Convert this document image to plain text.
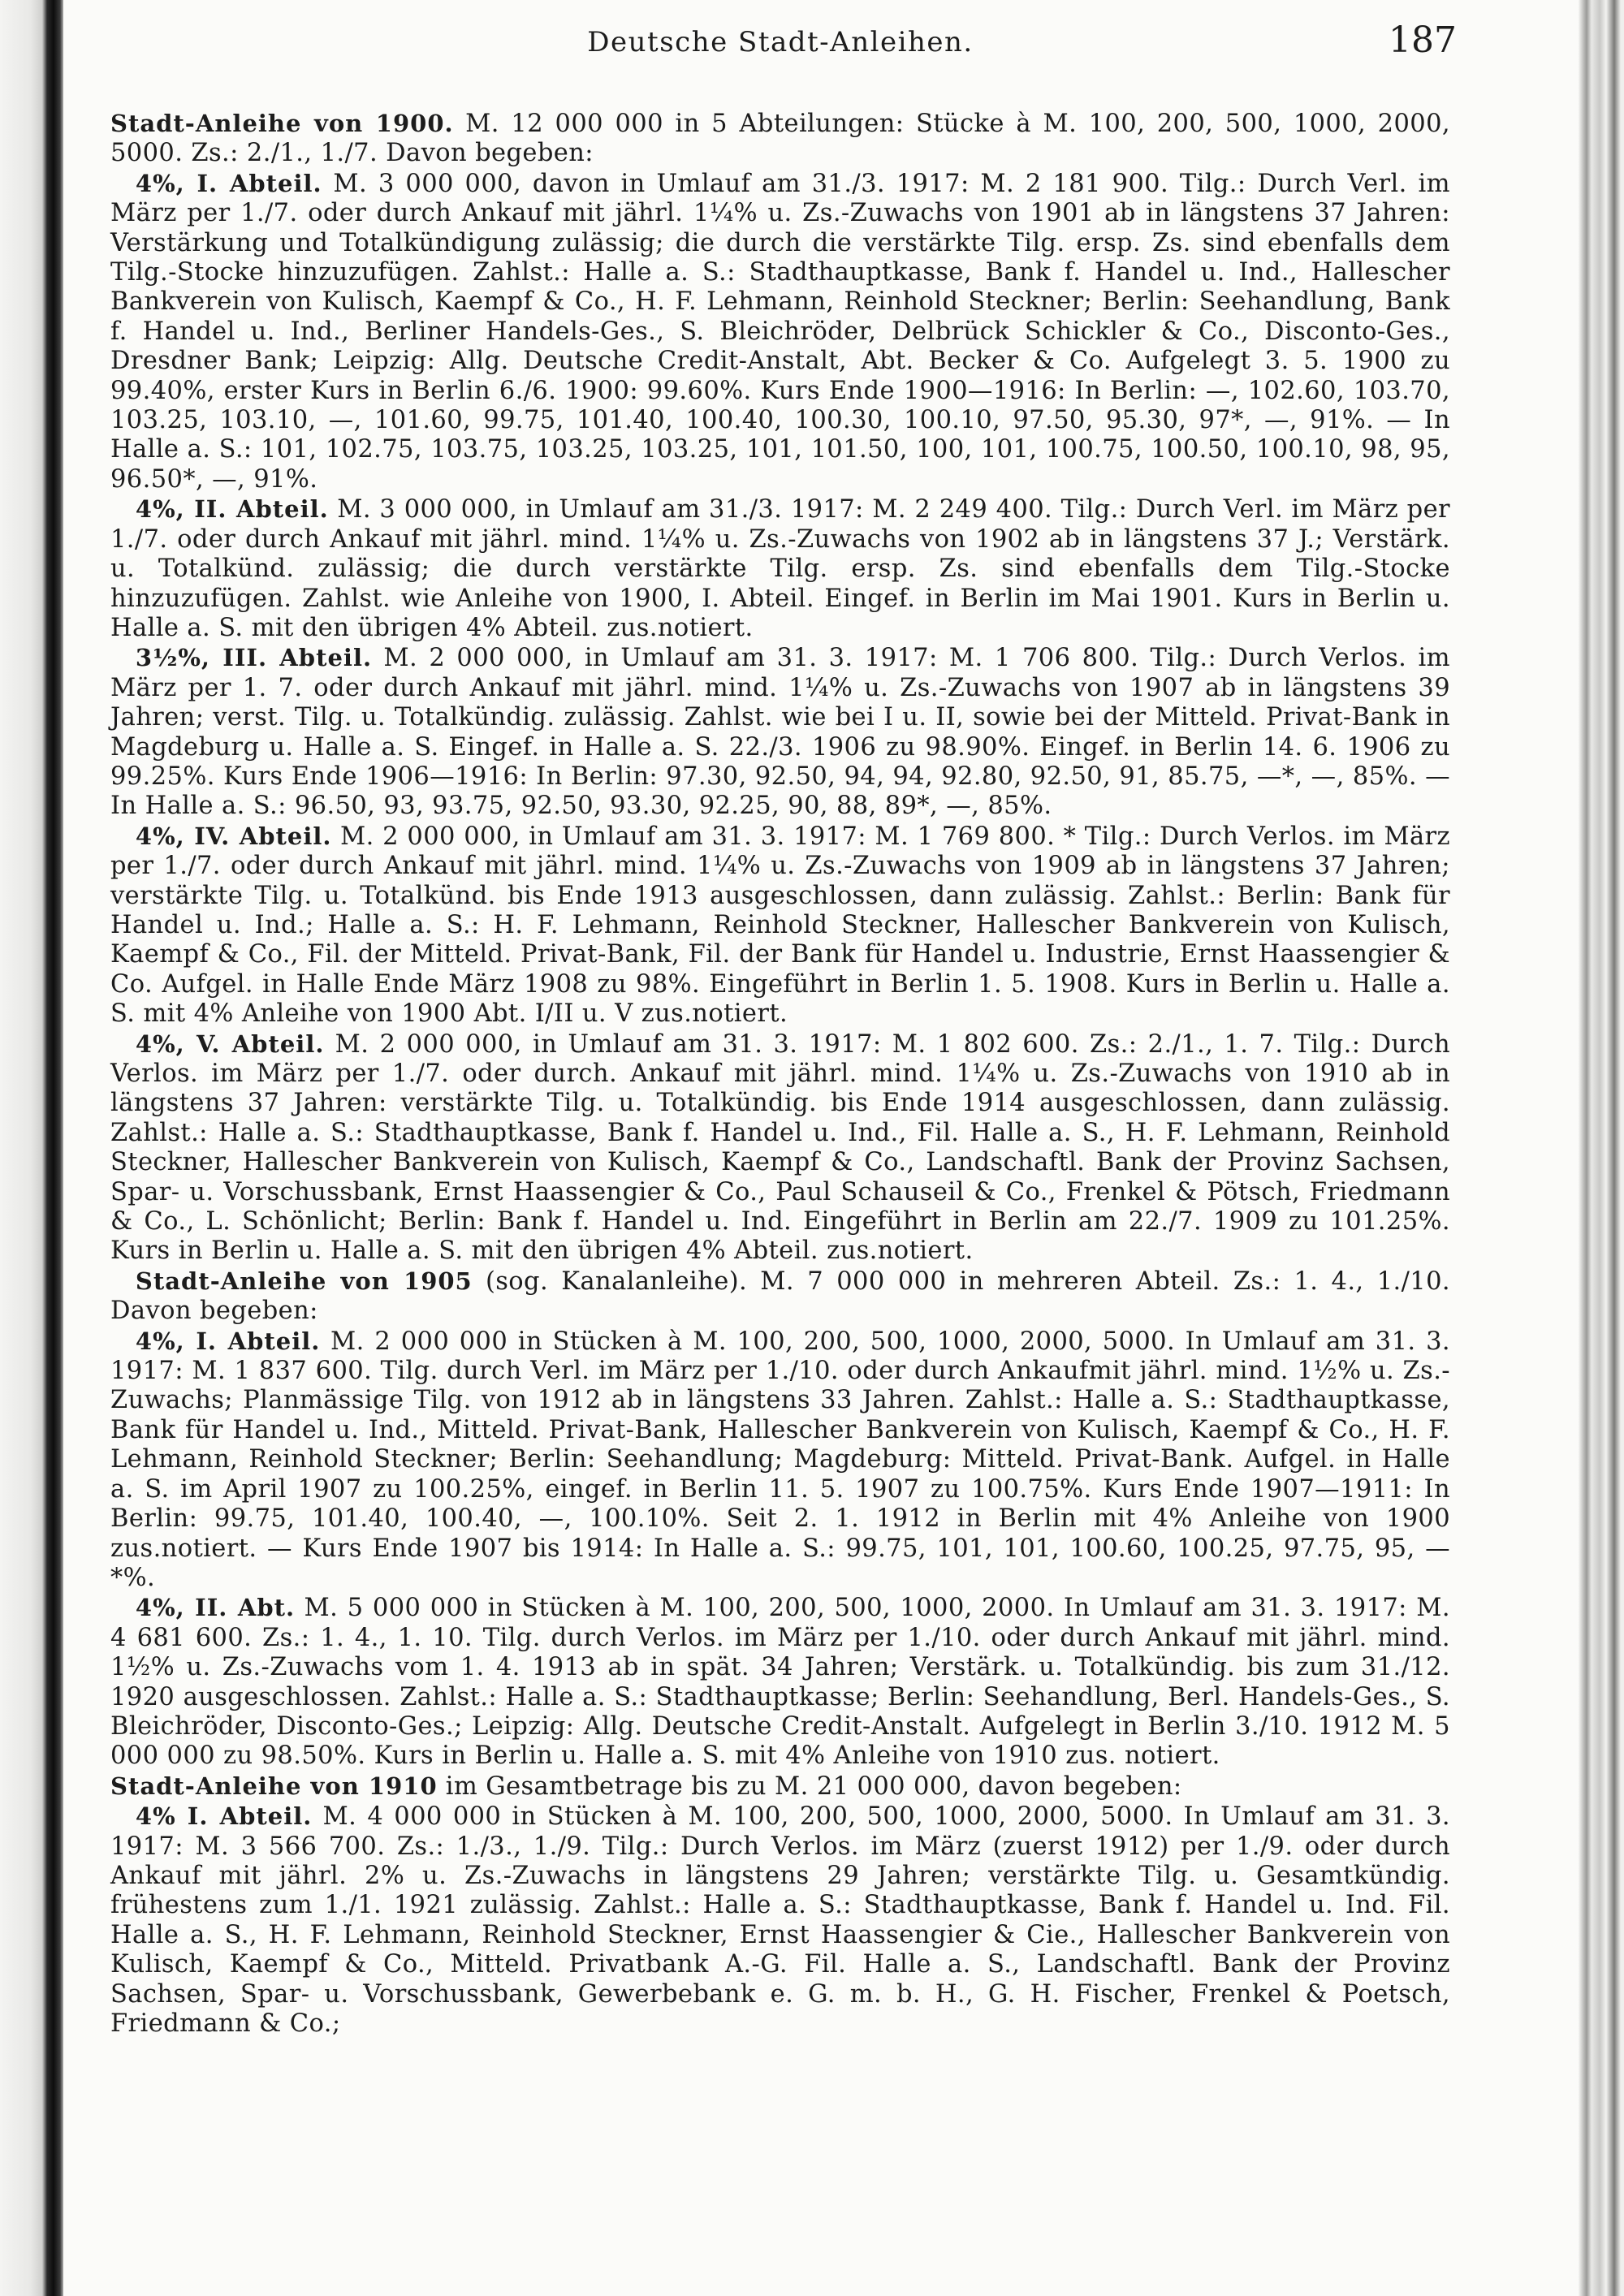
Deutsche Stadt-Anleihen.	187

Stadt-Anleihe von 1900. M. 12 000 000 in 5 Abteilungen: Stücke à M. 100, 200, 500, 1000, 2000, 5000. Zs.: 2./1., 1./7. Davon begeben:

 4%, I. Abteil. M. 3 000 000, davon in Umlauf am 31./3. 1917: M. 2 181 900. Tilg.: Durch Verl. im März per 1./7. oder durch Ankauf mit jährl. 1¼% u. Zs.-Zuwachs von 1901 ab in längstens 37 Jahren: Verstärkung und Totalkündigung zulässig; die durch die verstärkte Tilg. ersp. Zs. sind ebenfalls dem Tilg.-Stocke hinzuzufügen. Zahlst.: Halle a. S.: Stadthauptkasse, Bank f. Handel u. Ind., Hallescher Bankverein von Kulisch, Kaempf & Co., H. F. Lehmann, Reinhold Steckner; Berlin: Seehandlung, Bank f. Handel u. Ind., Berliner Handels-Ges., S. Bleichröder, Delbrück Schickler & Co., Disconto-Ges., Dresdner Bank; Leipzig: Allg. Deutsche Credit-Anstalt, Abt. Becker & Co. Aufgelegt 3. 5. 1900 zu 99.40%, erster Kurs in Berlin 6./6. 1900: 99.60%. Kurs Ende 1900—1916: In Berlin: —, 102.60, 103.70, 103.25, 103.10, —, 101.60, 99.75, 101.40, 100.40, 100.30, 100.10, 97.50, 95.30, 97*, —, 91%. — In Halle a. S.: 101, 102.75, 103.75, 103.25, 103.25, 101, 101.50, 100, 101, 100.75, 100.50, 100.10, 98, 95, 96.50*, —, 91%.

 4%, II. Abteil. M. 3 000 000, in Umlauf am 31./3. 1917: M. 2 249 400. Tilg.: Durch Verl. im März per 1./7. oder durch Ankauf mit jährl. mind. 1¼% u. Zs.-Zuwachs von 1902 ab in längstens 37 J.; Verstärk. u. Totalkünd. zulässig; die durch verstärkte Tilg. ersp. Zs. sind ebenfalls dem Tilg.-Stocke hinzuzufügen. Zahlst. wie Anleihe von 1900, I. Abteil. Eingef. in Berlin im Mai 1901. Kurs in Berlin u. Halle a. S. mit den übrigen 4% Abteil. zus.notiert.

 3½%, III. Abteil. M. 2 000 000, in Umlauf am 31. 3. 1917: M. 1 706 800. Tilg.: Durch Verlos. im März per 1. 7. oder durch Ankauf mit jährl. mind. 1¼% u. Zs.-Zuwachs von 1907 ab in längstens 39 Jahren; verst. Tilg. u. Totalkündig. zulässig. Zahlst. wie bei I u. II, sowie bei der Mitteld. Privat-Bank in Magdeburg u. Halle a. S. Eingef. in Halle a. S. 22./3. 1906 zu 98.90%. Eingef. in Berlin 14. 6. 1906 zu 99.25%. Kurs Ende 1906—1916: In Berlin: 97.30, 92.50, 94, 94, 92.80, 92.50, 91, 85.75, —*, —, 85%. — In Halle a. S.: 96.50, 93, 93.75, 92.50, 93.30, 92.25, 90, 88, 89*, —, 85%.

 4%, IV. Abteil. M. 2 000 000, in Umlauf am 31. 3. 1917: M. 1 769 800. * Tilg.: Durch Verlos. im März per 1./7. oder durch Ankauf mit jährl. mind. 1¼% u. Zs.-Zuwachs von 1909 ab in längstens 37 Jahren; verstärkte Tilg. u. Totalkünd. bis Ende 1913 ausgeschlossen, dann zulässig. Zahlst.: Berlin: Bank für Handel u. Ind.; Halle a. S.: H. F. Lehmann, Reinhold Steckner, Hallescher Bankverein von Kulisch, Kaempf & Co., Fil. der Mitteld. Privat-Bank, Fil. der Bank für Handel u. Industrie, Ernst Haassengier & Co. Aufgel. in Halle Ende März 1908 zu 98%. Eingeführt in Berlin 1. 5. 1908. Kurs in Berlin u. Halle a. S. mit 4% Anleihe von 1900 Abt. I/II u. V zus.notiert.

 4%, V. Abteil. M. 2 000 000, in Umlauf am 31. 3. 1917: M. 1 802 600. Zs.: 2./1., 1. 7. Tilg.: Durch Verlos. im März per 1./7. oder durch. Ankauf mit jährl. mind. 1¼% u. Zs.-Zuwachs von 1910 ab in längstens 37 Jahren: verstärkte Tilg. u. Totalkündig. bis Ende 1914 ausgeschlossen, dann zulässig. Zahlst.: Halle a. S.: Stadthauptkasse, Bank f. Handel u. Ind., Fil. Halle a. S., H. F. Lehmann, Reinhold Steckner, Hallescher Bankverein von Kulisch, Kaempf & Co., Landschaftl. Bank der Provinz Sachsen, Spar- u. Vorschussbank, Ernst Haassengier & Co., Paul Schauseil & Co., Frenkel & Pötsch, Friedmann & Co., L. Schönlicht; Berlin: Bank f. Handel u. Ind. Eingeführt in Berlin am 22./7. 1909 zu 101.25%. Kurs in Berlin u. Halle a. S. mit den übrigen 4% Abteil. zus.notiert.

 Stadt-Anleihe von 1905 (sog. Kanalanleihe). M. 7 000 000 in mehreren Abteil. Zs.: 1. 4., 1./10. Davon begeben:

 4%, I. Abteil. M. 2 000 000 in Stücken à M. 100, 200, 500, 1000, 2000, 5000. In Umlauf am 31. 3. 1917: M. 1 837 600. Tilg. durch Verl. im März per 1./10. oder durch Ankaufmit jährl. mind. 1½% u. Zs.-Zuwachs; Planmässige Tilg. von 1912 ab in längstens 33 Jahren. Zahlst.: Halle a. S.: Stadthauptkasse, Bank für Handel u. Ind., Mitteld. Privat-Bank, Hallescher Bankverein von Kulisch, Kaempf & Co., H. F. Lehmann, Reinhold Steckner; Berlin: Seehandlung; Magdeburg: Mitteld. Privat-Bank. Aufgel. in Halle a. S. im April 1907 zu 100.25%, eingef. in Berlin 11. 5. 1907 zu 100.75%. Kurs Ende 1907—1911: In Berlin: 99.75, 101.40, 100.40, —, 100.10%. Seit 2. 1. 1912 in Berlin mit 4% Anleihe von 1900 zus.notiert. — Kurs Ende 1907 bis 1914: In Halle a. S.: 99.75, 101, 101, 100.60, 100.25, 97.75, 95, —*%.

 4%, II. Abt. M. 5 000 000 in Stücken à M. 100, 200, 500, 1000, 2000. In Umlauf am 31. 3. 1917: M. 4 681 600. Zs.: 1. 4., 1. 10. Tilg. durch Verlos. im März per 1./10. oder durch Ankauf mit jährl. mind. 1½% u. Zs.-Zuwachs vom 1. 4. 1913 ab in spät. 34 Jahren; Verstärk. u. Totalkündig. bis zum 31./12. 1920 ausgeschlossen. Zahlst.: Halle a. S.: Stadthauptkasse; Berlin: Seehandlung, Berl. Handels-Ges., S. Bleichröder, Disconto-Ges.; Leipzig: Allg. Deutsche Credit-Anstalt. Aufgelegt in Berlin 3./10. 1912 M. 5 000 000 zu 98.50%. Kurs in Berlin u. Halle a. S. mit 4% Anleihe von 1910 zus. notiert.

Stadt-Anleihe von 1910 im Gesamtbetrage bis zu M. 21 000 000, davon begeben:

 4% I. Abteil. M. 4 000 000 in Stücken à M. 100, 200, 500, 1000, 2000, 5000. In Umlauf am 31. 3. 1917: M. 3 566 700. Zs.: 1./3., 1./9. Tilg.: Durch Verlos. im März (zuerst 1912) per 1./9. oder durch Ankauf mit jährl. 2% u. Zs.-Zuwachs in längstens 29 Jahren; verstärkte Tilg. u. Gesamtkündig. frühestens zum 1./1. 1921 zulässig. Zahlst.: Halle a. S.: Stadthauptkasse, Bank f. Handel u. Ind. Fil. Halle a. S., H. F. Lehmann, Reinhold Steckner, Ernst Haassengier & Cie., Hallescher Bankverein von Kulisch, Kaempf & Co., Mitteld. Privatbank A.-G. Fil. Halle a. S., Landschaftl. Bank der Provinz Sachsen, Spar- u. Vorschussbank, Gewerbebank e. G. m. b. H., G. H. Fischer, Frenkel & Poetsch, Friedmann & Co.;
